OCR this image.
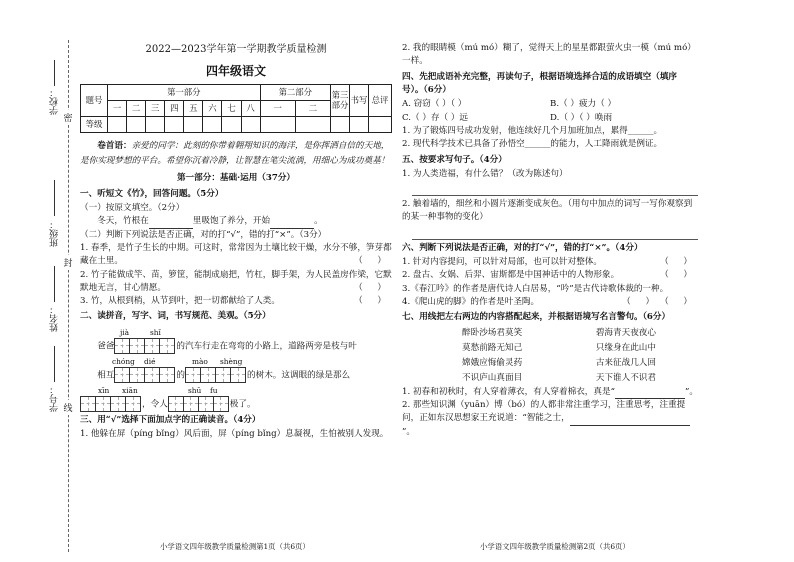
学校：
班级：
姓名：
学号：
密
封
线

2022—2023学年第一学期教学质量检测

四年级语文

题号	第一部分								第二部分		第三部分	书写	总评
	一	二	三	四	五	六	七	八	一	二			
等级													

卷首语：亲爱的同学：此刻的你带着翱翔知识的海洋，是你挥洒自信的天地，是你实现梦想的平台。希望你沉着冷静，让智慧在笔尖流淌，用细心为成功奠基！

第一部分：基础·运用（37分）

一、听短文《竹》，回答问题。（5分）

（一）按原文填空。（2分）

冬天，竹根在	里吸饱了养分，开始	。

（二）判断下列说法是否正确，对的打“√”，错的打“×”。（3分）

1. 春季，是竹子生长的中期。可这时，常常因为土壤比较干燥，水分不够，笋芽都藏在土里。	（ ）

2. 竹子能做成竿、苗，箩筐，能制成扇把，竹杠，脚手架，为人民盖房作梁，它默默地无言，甘心情愿。	（ ）

3. 竹，从根到梢，从节到叶，把一切都献给了人类。	（ ）

二、读拼音，写字、词，书写规范、美观。（5分）

jià	shǐ

爸爸	的汽车行走在弯弯的小路上，道路两旁是枝与叶

chóng dié	mào shèng

相互	的	的树木。这调眼的绿是那么

xīn xiān	shū fu

，令人	极了。

三、用“√”选择下面加点字的正确读音。（4分）

1. 他躲在屏（píng bǐng）风后面，屏（píng bǐng）息凝视，生怕被别人发现。

2. 我的眼睛模（mú mó）糊了，觉得天上的星星都跟萤火虫一模（mú mó）一样。

四、先把成语补充完整，再读句子，根据语境选择合适的成语填空（填序号）。（6分）

A. 窃窃（ ）（ ）	B.（ ）疲力（ ）
C.（ ）存（ ）远	D.（ ）（ ）唤雨

1. 为了锻炼四号成功发射，他连续好几个月加班加点，累得______。

2. 现代科学技术已具备了孙悟空______的能力，人工降雨就是例证。

五、按要求写句子。（4分）

1. 为人类造福，有什么错？（改为陈述句）

2. 触着墙的，细丝和小圆片逐渐变成灰色。（用句中加点的词写一写你观察到的某一种事物的变化）

六、判断下列说法是否正确，对的打“√”，错的打“×”。（4分）

1. 针对内容提问，可以针对局部，也可以针对整体。	（ ）

2. 盘古、女娲、后羿、宙斯都是中国神话中的人物形象。	（ ）

3.《春江吟》的作者是唐代诗人白居易，“吟”是古代诗歌体裁的一种。
（ ）

4.《爬山虎的脚》的作者是叶圣陶。	（ ）

七、用线把左右两边的内容搭配起来，并根据语境写名言警句。（6分）

醉卧沙场君莫笑
莫愁前路无知己
嫦娥应悔偷灵药
不识庐山真面目
碧海青天夜夜心
只缘身在此山中
古来征战几人回
天下谁人不识君

1. 初春和初秋时，有人穿着薄衣，有人穿着棉衣，真是“	”。

2. 那些知识渊（yuān）博（bó）的人都非常注重学习，注重思考，注重提问，正如东汉思想家王充说道：“智能之士，”。

小学语文四年级教学质量检测第1页（共6页）	小学语文四年级教学质量检测第2页（共6页）
